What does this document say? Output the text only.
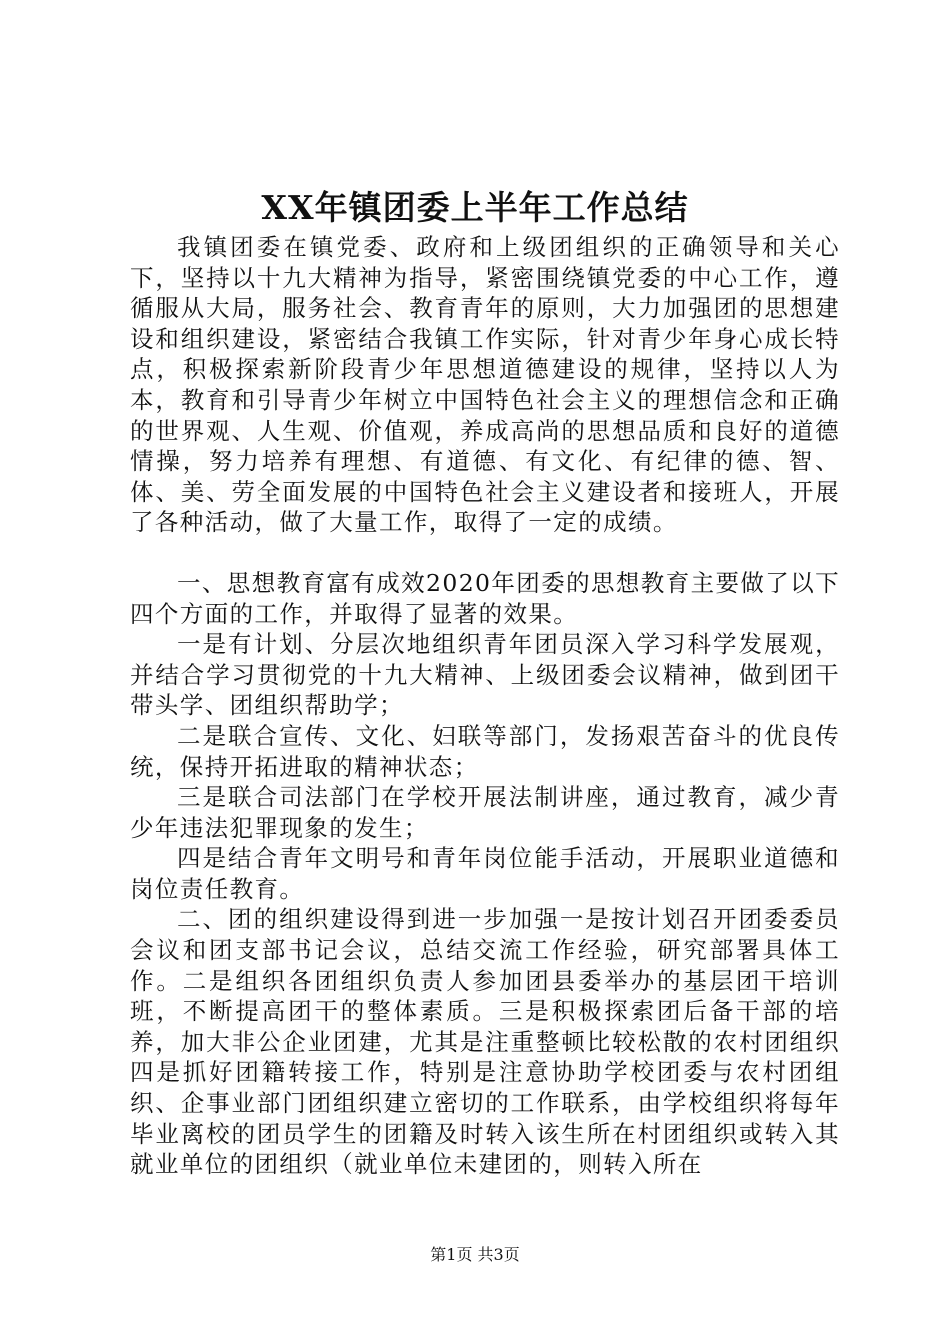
XX年镇团委上半年工作总结

我镇团委在镇党委、政府和上级团组织的正确领导和关心下，坚持以十九大精神为指导，紧密围绕镇党委的中心工作，遵循服从大局，服务社会、教育青年的原则，大力加强团的思想建设和组织建设，紧密结合我镇工作实际，针对青少年身心成长特点，积极探索新阶段青少年思想道德建设的规律，坚持以人为本，教育和引导青少年树立中国特色社会主义的理想信念和正确的世界观、人生观、价值观，养成高尚的思想品质和良好的道德情操，努力培养有理想、有道德、有文化、有纪律的德、智、体、美、劳全面发展的中国特色社会主义建设者和接班人，开展了各种活动，做了大量工作，取得了一定的成绩。

一、思想教育富有成效2020年团委的思想教育主要做了以下四个方面的工作，并取得了显著的效果。

一是有计划、分层次地组织青年团员深入学习科学发展观，并结合学习贯彻党的十九大精神、上级团委会议精神，做到团干带头学、团组织帮助学；

二是联合宣传、文化、妇联等部门，发扬艰苦奋斗的优良传统，保持开拓进取的精神状态；

三是联合司法部门在学校开展法制讲座，通过教育，减少青少年违法犯罪现象的发生；

四是结合青年文明号和青年岗位能手活动，开展职业道德和岗位责任教育。

二、团的组织建设得到进一步加强一是按计划召开团委委员会议和团支部书记会议，总结交流工作经验，研究部署具体工作。二是组织各团组织负责人参加团县委举办的基层团干培训班，不断提高团干的整体素质。三是积极探索团后备干部的培养，加大非公企业团建，尤其是注重整顿比较松散的农村团组织四是抓好团籍转接工作，特别是注意协助学校团委与农村团组织、企事业部门团组织建立密切的工作联系，由学校组织将每年毕业离校的团员学生的团籍及时转入该生所在村团组织或转入其就业单位的团组织（就业单位未建团的，则转入所在

第1页 共3页
